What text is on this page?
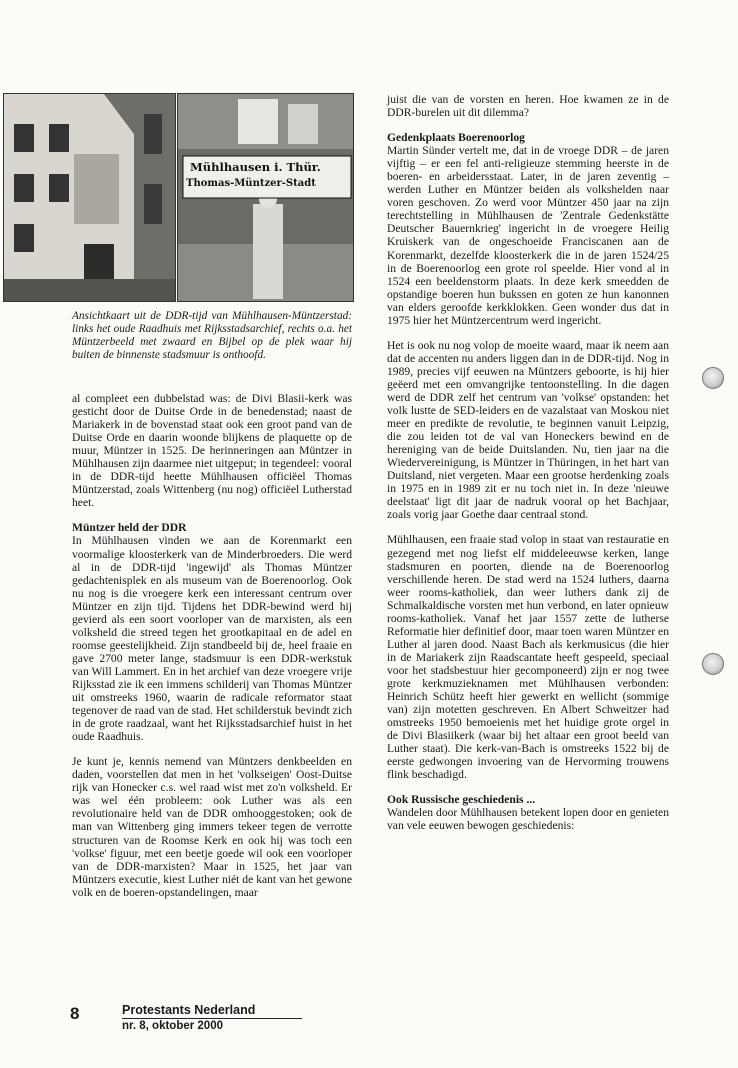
Mühlhausen i. Thür.
Thomas-Müntzer-Stadt
Ansichtkaart uit de DDR-tijd van Mühlhausen-Müntzerstad: links het oude Raadhuis met Rijksstadsarchief, rechts o.a. het Müntzerbeeld met zwaard en Bijbel op de plek waar hij buiten de binnenste stadsmuur is onthoofd.

al compleet een dubbelstad was: de Divi Blasii-kerk was gesticht door de Duitse Orde in de benedenstad; naast de Mariakerk in de bovenstad staat ook een groot pand van de Duitse Orde en daarin woonde blijkens de plaquette op de muur, Müntzer in 1525. De herinneringen aan Müntzer in Mühlhausen zijn daarmee niet uitgeput; in tegendeel: vooral in de DDR-tijd heette Mühlhausen officiëel Thomas Müntzerstad, zoals Wittenberg (nu nog) officiëel Lutherstad heet.

Müntzer held der DDR

In Mühlhausen vinden we aan de Korenmarkt een voormalige kloosterkerk van de Minderbroeders. Die werd al in de DDR-tijd 'ingewijd' als Thomas Müntzer gedachtenisplek en als museum van de Boerenoorlog. Ook nu nog is die vroegere kerk een interessant centrum over Müntzer en zijn tijd. Tijdens het DDR-bewind werd hij gevierd als een soort voorloper van de marxisten, als een volksheld die streed tegen het grootkapitaal en de adel en roomse geestelijkheid. Zijn standbeeld bij de, heel fraaie en gave 2700 meter lange, stadsmuur is een DDR-werkstuk van Will Lammert. En in het archief van deze vroegere vrije Rijksstad zie ik een immens schilderij van Thomas Müntzer uit omstreeks 1960, waarin de radicale reformator staat tegenover de raad van de stad. Het schilderstuk bevindt zich in de grote raadzaal, want het Rijksstadsarchief huist in het oude Raadhuis.

Je kunt je, kennis nemend van Müntzers denkbeelden en daden, voorstellen dat men in het 'volkseigen' Oost-Duitse rijk van Honecker c.s. wel raad wist met zo'n volksheld. Er was wel één probleem: ook Luther was als een revolutionaire held van de DDR omhooggestoken; ook de man van Wittenberg ging immers tekeer tegen de verrotte structuren van de Roomse Kerk en ook hij was toch een 'volkse' figuur, met een beetje goede wil ook een voorloper van de DDR-marxisten? Maar in 1525, het jaar van Müntzers executie, kiest Luther niét de kant van het gewone volk en de boeren-opstandelingen, maar

juist die van de vorsten en heren. Hoe kwamen ze in de DDR-burelen uit dit dilemma?

Gedenkplaats Boerenoorlog

Martin Sünder vertelt me, dat in de vroege DDR – de jaren vijftig – er een fel anti-religieuze stemming heerste in de boeren- en arbeidersstaat. Later, in de jaren zeventig – werden Luther en Müntzer beiden als volkshelden naar voren geschoven. Zo werd voor Müntzer 450 jaar na zijn terechtstelling in Mühlhausen de 'Zentrale Gedenkstätte Deutscher Bauernkrieg' ingericht in de vroegere Heilig Kruiskerk van de ongeschoeide Franciscanen aan de Korenmarkt, dezelfde kloosterkerk die in de jaren 1524/25 in de Boerenoorlog een grote rol speelde. Hier vond al in 1524 een beeldenstorm plaats. In deze kerk smeedden de opstandige boeren hun bukssen en goten ze hun kanonnen van elders geroofde kerkklokken. Geen wonder dus dat in 1975 hier het Müntzercentrum werd ingericht.

Het is ook nu nog volop de moeite waard, maar ik neem aan dat de accenten nu anders liggen dan in de DDR-tijd. Nog in 1989, precies vijf eeuwen na Müntzers geboorte, is hij hier geëerd met een omvangrijke tentoonstelling. In die dagen werd de DDR zelf het centrum van 'volkse' opstanden: het volk lustte de SED-leiders en de vazalstaat van Moskou niet meer en predikte de revolutie, te beginnen vanuit Leipzig, die zou leiden tot de val van Honeckers bewind en de hereniging van de beide Duitslanden. Nu, tien jaar na die Wiedervereinigung, is Müntzer in Thüringen, in het hart van Duitsland, niet vergeten. Maar een grootse herdenking zoals in 1975 en in 1989 zit er nu toch niet in. In deze 'nieuwe deelstaat' ligt dit jaar de nadruk vooral op het Bachjaar, zoals vorig jaar Goethe daar centraal stond.

Mühlhausen, een fraaie stad volop in staat van restauratie en gezegend met nog liefst elf middeleeuwse kerken, lange stadsmuren en poorten, diende na de Boerenoorlog verschillende heren. De stad werd na 1524 luthers, daarna weer rooms-katholiek, dan weer luthers dank zij de Schmalkaldische vorsten met hun verbond, en later opnieuw rooms-katholiek. Vanaf het jaar 1557 zette de lutherse Reformatie hier definitief door, maar toen waren Müntzer en Luther al jaren dood. Naast Bach als kerkmusicus (die hier in de Mariakerk zijn Raadscantate heeft gespeeld, speciaal voor het stadsbestuur hier gecomponeerd) zijn er nog twee grote kerkmuzieknamen met Mühlhausen verbonden: Heinrich Schütz heeft hier gewerkt en wellicht (sommige van) zijn motetten geschreven. En Albert Schweitzer had omstreeks 1950 bemoeienis met het huidige grote orgel in de Divi Blasiikerk (waar bij het altaar een groot beeld van Luther staat). Die kerk-van-Bach is omstreeks 1522 bij de eerste gedwongen invoering van de Hervorming trouwens flink beschadigd.

Ook Russische geschiedenis ...

Wandelen door Mühlhausen betekent lopen door en genieten van vele eeuwen bewogen geschiedenis:

8	Protestants Nederland
nr. 8, oktober 2000
